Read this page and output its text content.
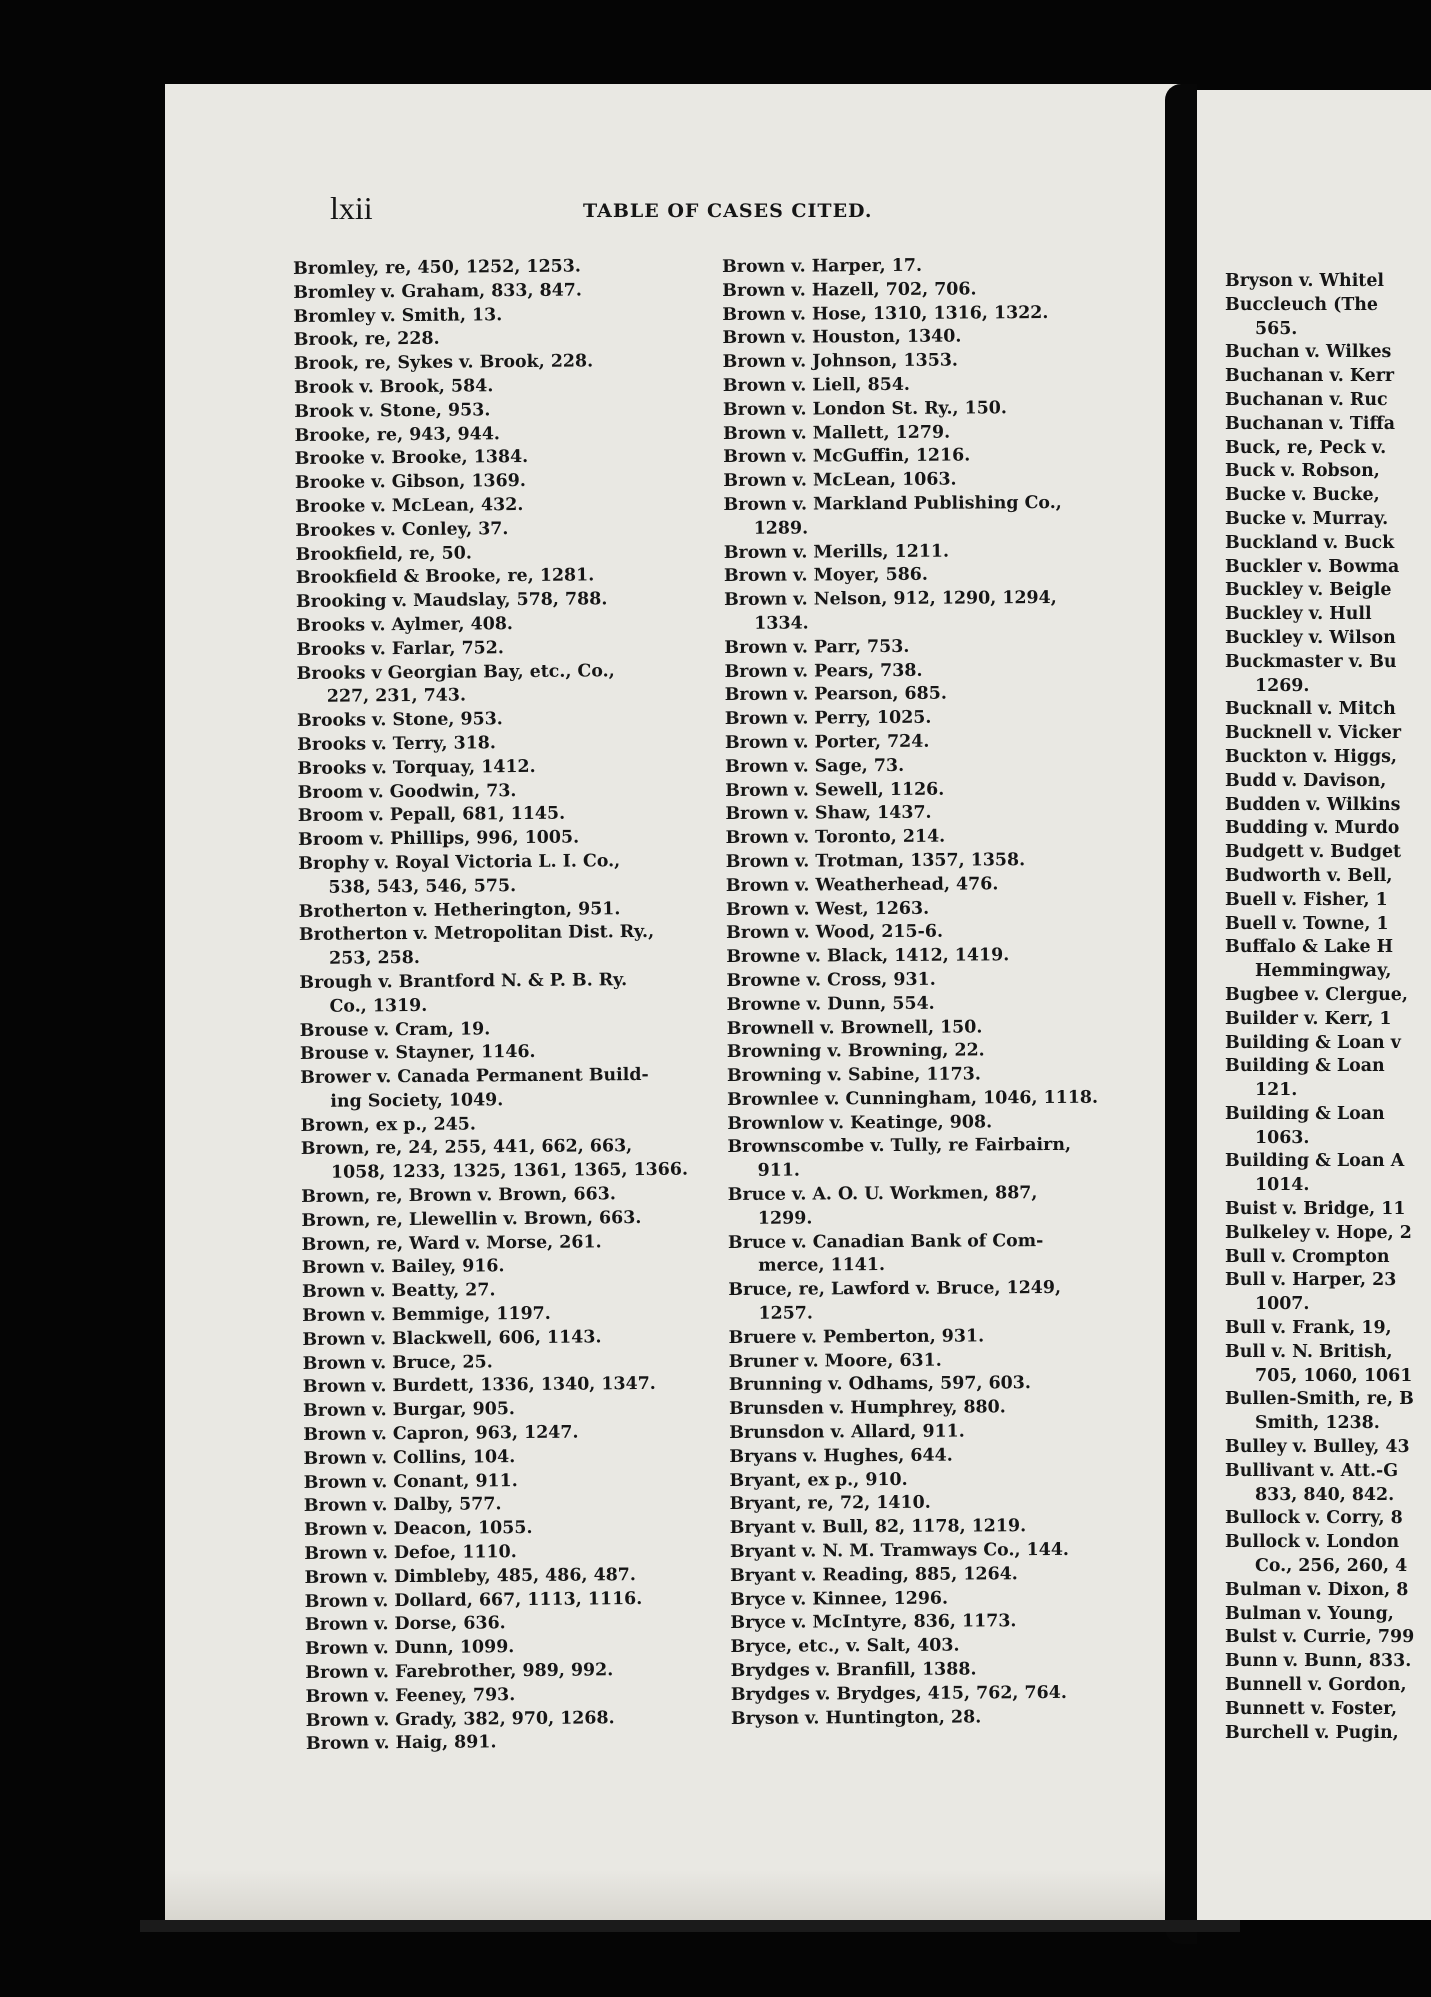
lxii	TABLE OF CASES CITED.
Bromley, re, 450, 1252, 1253.
Bromley v. Graham, 833, 847.
Bromley v. Smith, 13.
Brook, re, 228.
Brook, re, Sykes v. Brook, 228.
Brook v. Brook, 584.
Brook v. Stone, 953.
Brooke, re, 943, 944.
Brooke v. Brooke, 1384.
Brooke v. Gibson, 1369.
Brooke v. McLean, 432.
Brookes v. Conley, 37.
Brookfield, re, 50.
Brookfield & Brooke, re, 1281.
Brooking v. Maudslay, 578, 788.
Brooks v. Aylmer, 408.
Brooks v. Farlar, 752.
Brooks v Georgian Bay, etc., Co.,
227, 231, 743.
Brooks v. Stone, 953.
Brooks v. Terry, 318.
Brooks v. Torquay, 1412.
Broom v. Goodwin, 73.
Broom v. Pepall, 681, 1145.
Broom v. Phillips, 996, 1005.
Brophy v. Royal Victoria L. I. Co.,
538, 543, 546, 575.
Brotherton v. Hetherington, 951.
Brotherton v. Metropolitan Dist. Ry.,
253, 258.
Brough v. Brantford N. & P. B. Ry.
Co., 1319.
Brouse v. Cram, 19.
Brouse v. Stayner, 1146.
Brower v. Canada Permanent Build-
ing Society, 1049.
Brown, ex p., 245.
Brown, re, 24, 255, 441, 662, 663,
1058, 1233, 1325, 1361, 1365, 1366.
Brown, re, Brown v. Brown, 663.
Brown, re, Llewellin v. Brown, 663.
Brown, re, Ward v. Morse, 261.
Brown v. Bailey, 916.
Brown v. Beatty, 27.
Brown v. Bemmige, 1197.
Brown v. Blackwell, 606, 1143.
Brown v. Bruce, 25.
Brown v. Burdett, 1336, 1340, 1347.
Brown v. Burgar, 905.
Brown v. Capron, 963, 1247.
Brown v. Collins, 104.
Brown v. Conant, 911.
Brown v. Dalby, 577.
Brown v. Deacon, 1055.
Brown v. Defoe, 1110.
Brown v. Dimbleby, 485, 486, 487.
Brown v. Dollard, 667, 1113, 1116.
Brown v. Dorse, 636.
Brown v. Dunn, 1099.
Brown v. Farebrother, 989, 992.
Brown v. Feeney, 793.
Brown v. Grady, 382, 970, 1268.
Brown v. Haig, 891.
Brown v. Harper, 17.
Brown v. Hazell, 702, 706.
Brown v. Hose, 1310, 1316, 1322.
Brown v. Houston, 1340.
Brown v. Johnson, 1353.
Brown v. Liell, 854.
Brown v. London St. Ry., 150.
Brown v. Mallett, 1279.
Brown v. McGuffin, 1216.
Brown v. McLean, 1063.
Brown v. Markland Publishing Co.,
1289.
Brown v. Merills, 1211.
Brown v. Moyer, 586.
Brown v. Nelson, 912, 1290, 1294,
1334.
Brown v. Parr, 753.
Brown v. Pears, 738.
Brown v. Pearson, 685.
Brown v. Perry, 1025.
Brown v. Porter, 724.
Brown v. Sage, 73.
Brown v. Sewell, 1126.
Brown v. Shaw, 1437.
Brown v. Toronto, 214.
Brown v. Trotman, 1357, 1358.
Brown v. Weatherhead, 476.
Brown v. West, 1263.
Brown v. Wood, 215-6.
Browne v. Black, 1412, 1419.
Browne v. Cross, 931.
Browne v. Dunn, 554.
Brownell v. Brownell, 150.
Browning v. Browning, 22.
Browning v. Sabine, 1173.
Brownlee v. Cunningham, 1046, 1118.
Brownlow v. Keatinge, 908.
Brownscombe v. Tully, re Fairbairn,
911.
Bruce v. A. O. U. Workmen, 887,
1299.
Bruce v. Canadian Bank of Com-
merce, 1141.
Bruce, re, Lawford v. Bruce, 1249,
1257.
Bruere v. Pemberton, 931.
Bruner v. Moore, 631.
Brunning v. Odhams, 597, 603.
Brunsden v. Humphrey, 880.
Brunsdon v. Allard, 911.
Bryans v. Hughes, 644.
Bryant, ex p., 910.
Bryant, re, 72, 1410.
Bryant v. Bull, 82, 1178, 1219.
Bryant v. N. M. Tramways Co., 144.
Bryant v. Reading, 885, 1264.
Bryce v. Kinnee, 1296.
Bryce v. McIntyre, 836, 1173.
Bryce, etc., v. Salt, 403.
Brydges v. Branfill, 1388.
Brydges v. Brydges, 415, 762, 764.
Bryson v. Huntington, 28.
Bryson v. Whitel
Buccleuch (The
565.
Buchan v. Wilkes
Buchanan v. Kerr
Buchanan v. Ruc
Buchanan v. Tiffa
Buck, re, Peck v.
Buck v. Robson,
Bucke v. Bucke,
Bucke v. Murray.
Buckland v. Buck
Buckler v. Bowma
Buckley v. Beigle
Buckley v. Hull
Buckley v. Wilson
Buckmaster v. Bu
1269.
Bucknall v. Mitch
Bucknell v. Vicker
Buckton v. Higgs,
Budd v. Davison,
Budden v. Wilkins
Budding v. Murdo
Budgett v. Budget
Budworth v. Bell,
Buell v. Fisher, 1
Buell v. Towne, 1
Buffalo & Lake H
Hemmingway,
Bugbee v. Clergue,
Builder v. Kerr, 1
Building & Loan v
Building & Loan
121.
Building & Loan
1063.
Building & Loan A
1014.
Buist v. Bridge, 11
Bulkeley v. Hope, 2
Bull v. Crompton
Bull v. Harper, 23
1007.
Bull v. Frank, 19,
Bull v. N. British,
705, 1060, 1061
Bullen-Smith, re, B
Smith, 1238.
Bulley v. Bulley, 43
Bullivant v. Att.-G
833, 840, 842.
Bullock v. Corry, 8
Bullock v. London
Co., 256, 260, 4
Bulman v. Dixon, 8
Bulman v. Young,
Bulst v. Currie, 799
Bunn v. Bunn, 833.
Bunnell v. Gordon,
Bunnett v. Foster,
Burchell v. Pugin,
